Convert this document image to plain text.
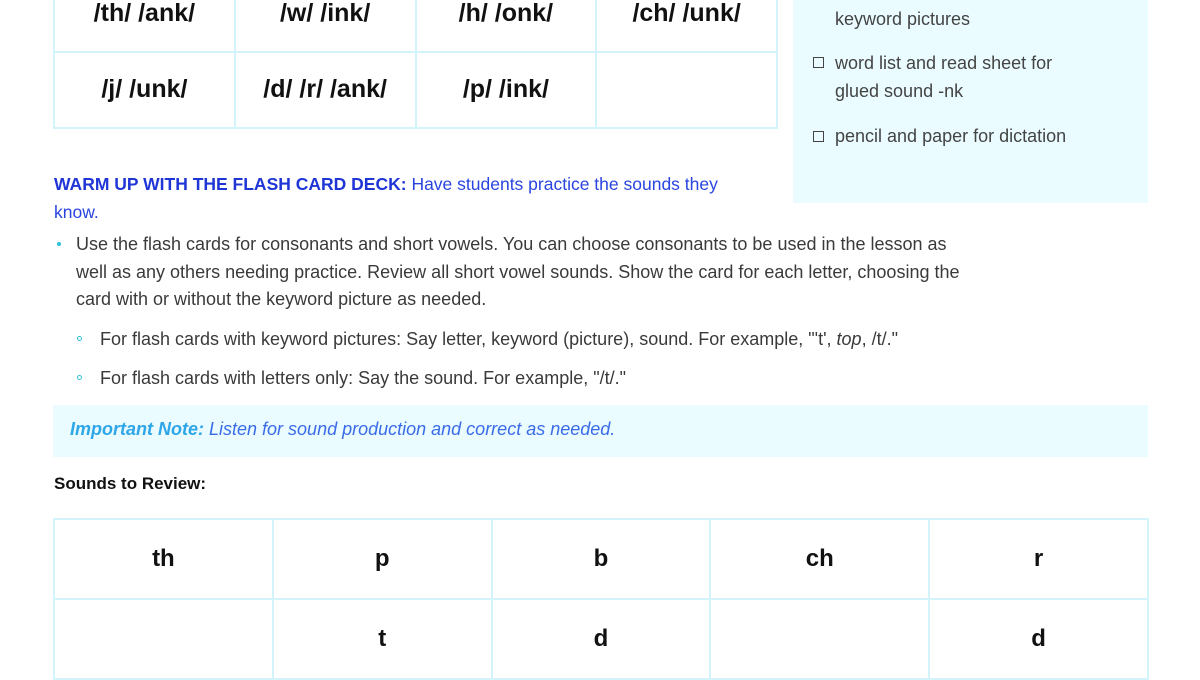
/th/ /ank/	/w/ /ink/	/h/ /onk/	/ch/ /unk/
/j/ /unk/	/d/ /r/ /ank/	/p/ /ink/	
keyword pictures
word list and read sheet for
glued sound -nk
pencil and paper for dictation
WARM UP WITH THE FLASH CARD DECK: Have students practice the sounds they know.
Use the flash cards for consonants and short vowels. You can choose consonants to be used in the lesson as
well as any others needing practice. Review all short vowel sounds. Show the card for each letter, choosing the
card with or without the keyword picture as needed.
For flash cards with keyword pictures: Say letter, keyword (picture), sound. For example, "'t', top, /t/."
For flash cards with letters only: Say the sound. For example, "/t/."
Important Note: Listen for sound production and correct as needed.
Sounds to Review:
th	p	b	ch	r
	t	d		d
